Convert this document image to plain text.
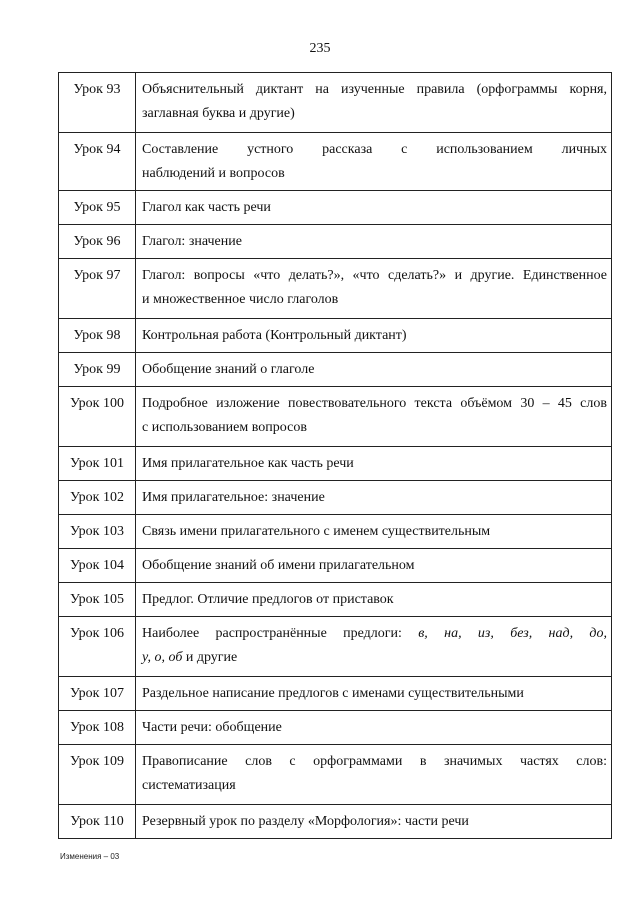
235
Урок 93	Объяснительный диктант на изученные правила (орфограммы корня,
заглавная буква и другие)

Урок 94	Составление устного рассказа с использованием личных
наблюдений и вопросов

Урок 95	Глагол как часть речи

Урок 96	Глагол: значение

Урок 97	Глагол: вопросы «что делать?», «что сделать?» и другие. Единственное
и множественное число глаголов

Урок 98	Контрольная работа (Контрольный диктант)

Урок 99	Обобщение знаний о глаголе

Урок 100	Подробное изложение повествовательного текста объёмом 30 – 45 слов
с использованием вопросов

Урок 101	Имя прилагательное как часть речи

Урок 102	Имя прилагательное: значение

Урок 103	Связь имени прилагательного с именем существительным

Урок 104	Обобщение знаний об имени прилагательном

Урок 105	Предлог. Отличие предлогов от приставок

Урок 106	Наиболее распространённые предлоги: в, на, из, без, над, до,
у, о, об и другие

Урок 107	Раздельное написание предлогов с именами существительными

Урок 108	Части речи: обобщение

Урок 109	Правописание слов с орфограммами в значимых частях слов:
систематизация

Урок 110	Резервный урок по разделу «Морфология»: части речи
Изменения – 03
